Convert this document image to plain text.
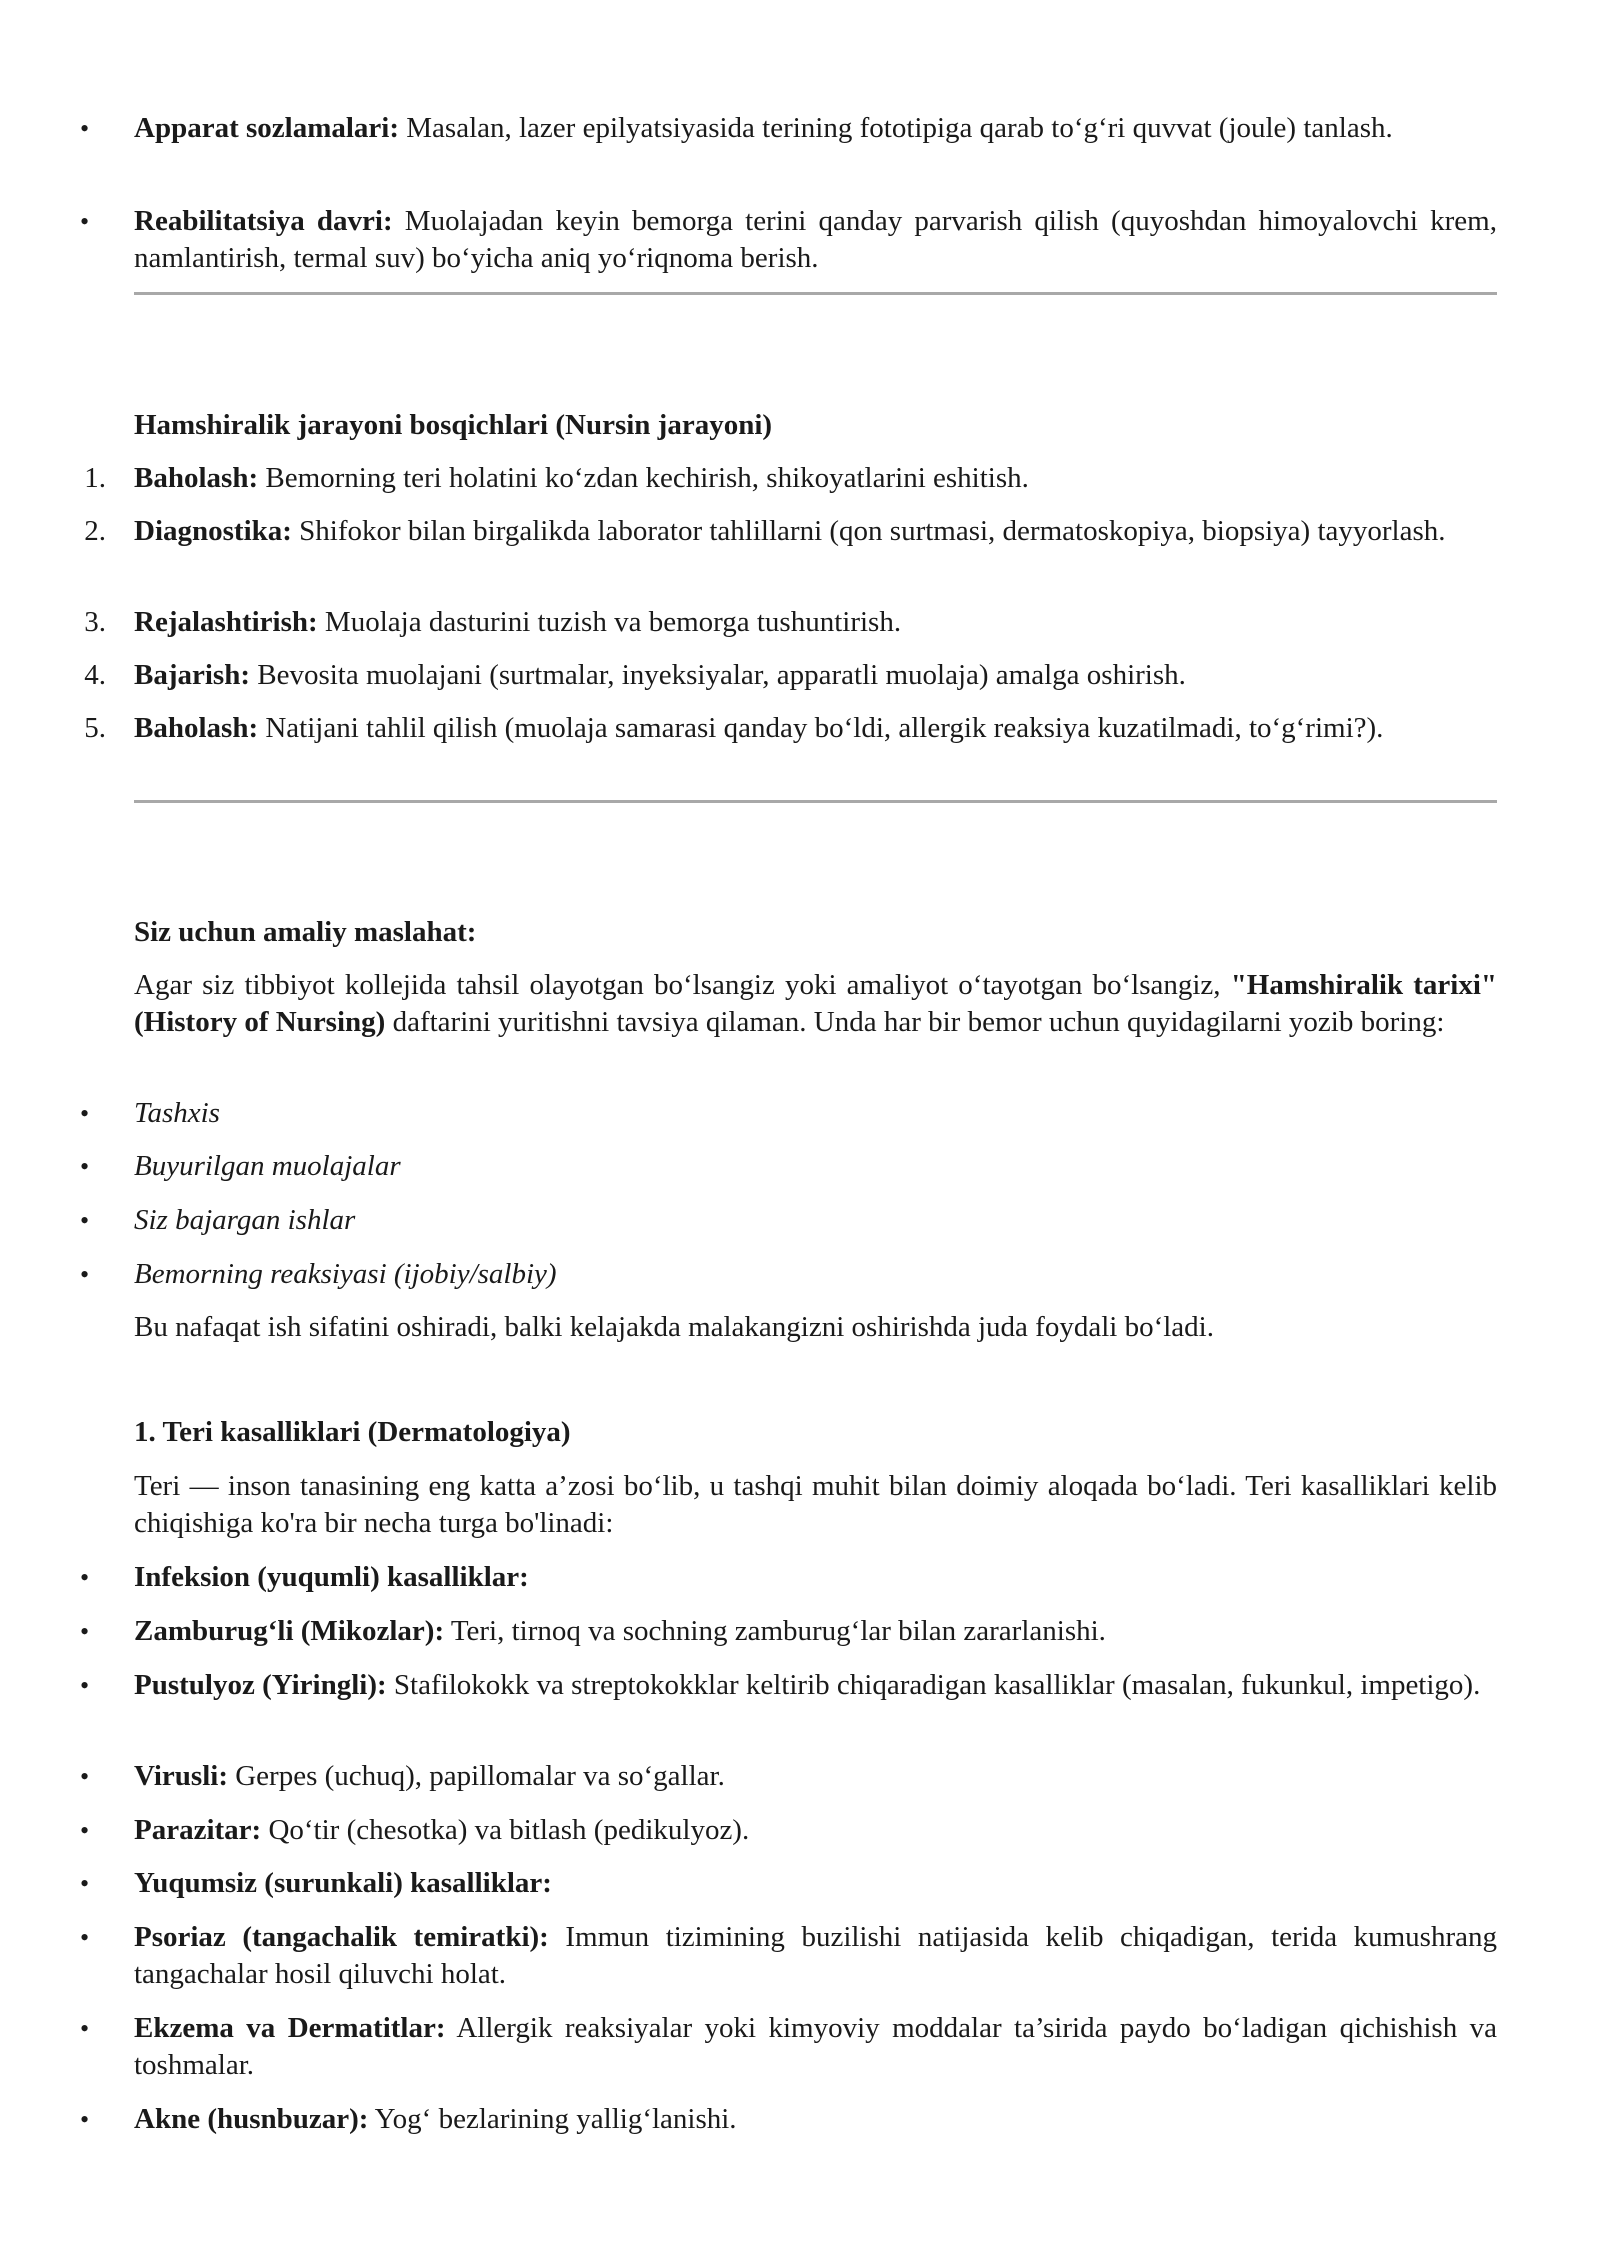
•	Apparat sozlamalari: Masalan, lazer epilyatsiyasida terining fototipiga qarab to‘g‘ri quvvat (joule) tanlash.

•	Reabilitatsiya davri: Muolajadan keyin bemorga terini qanday parvarish qilish (quyoshdan himoyalovchi krem, namlantirish, termal suv) bo‘yicha aniq yo‘riqnoma berish.

Hamshiralik jarayoni bosqichlari (Nursin jarayoni)

1. Baholash: Bemorning teri holatini ko‘zdan kechirish, shikoyatlarini eshitish.

2. Diagnostika: Shifokor bilan birgalikda laborator tahlillarni (qon surtmasi, dermatoskopiya, biopsiya) tayyorlash.

3. Rejalashtirish: Muolaja dasturini tuzish va bemorga tushuntirish.

4. Bajarish: Bevosita muolajani (surtmalar, inyeksiyalar, apparatli muolaja) amalga oshirish.

5. Baholash: Natijani tahlil qilish (muolaja samarasi qanday bo‘ldi, allergik reaksiya kuzatilmadi, to‘g‘rimi?).

Siz uchun amaliy maslahat:

Agar siz tibbiyot kollejida tahsil olayotgan bo‘lsangiz yoki amaliyot o‘tayotgan bo‘lsangiz, "Hamshiralik tarixi" (History of Nursing) daftarini yuritishni tavsiya qilaman. Unda har bir bemor uchun quyidagilarni yozib boring:

•	Tashxis

•	Buyurilgan muolajalar

•	Siz bajargan ishlar

•	Bemorning reaksiyasi (ijobiy/salbiy)

Bu nafaqat ish sifatini oshiradi, balki kelajakda malakangizni oshirishda juda foydali bo‘ladi.

1. Teri kasalliklari (Dermatologiya)

Teri — inson tanasining eng katta a’zosi bo‘lib, u tashqi muhit bilan doimiy aloqada bo‘ladi. Teri kasalliklari kelib chiqishiga ko'ra bir necha turga bo'linadi:

•	Infeksion (yuqumli) kasalliklar:

•	Zamburug‘li (Mikozlar): Teri, tirnoq va sochning zamburug‘lar bilan zararlanishi.

•	Pustulyoz (Yiringli): Stafilokokk va streptokokklar keltirib chiqaradigan kasalliklar (masalan, fukunkul, impetigo).

•	Virusli: Gerpes (uchuq), papillomalar va so‘gallar.

•	Parazitar: Qo‘tir (chesotka) va bitlash (pedikulyoz).

•	Yuqumsiz (surunkali) kasalliklar:

•	Psoriaz (tangachalik temiratki): Immun tizimining buzilishi natijasida kelib chiqadigan, terida kumushrang tangachalar hosil qiluvchi holat.

•	Ekzema va Dermatitlar: Allergik reaksiyalar yoki kimyoviy moddalar ta’sirida paydo bo‘ladigan qichishish va toshmalar.

•	Akne (husnbuzar): Yog‘ bezlarining yallig‘lanishi.
